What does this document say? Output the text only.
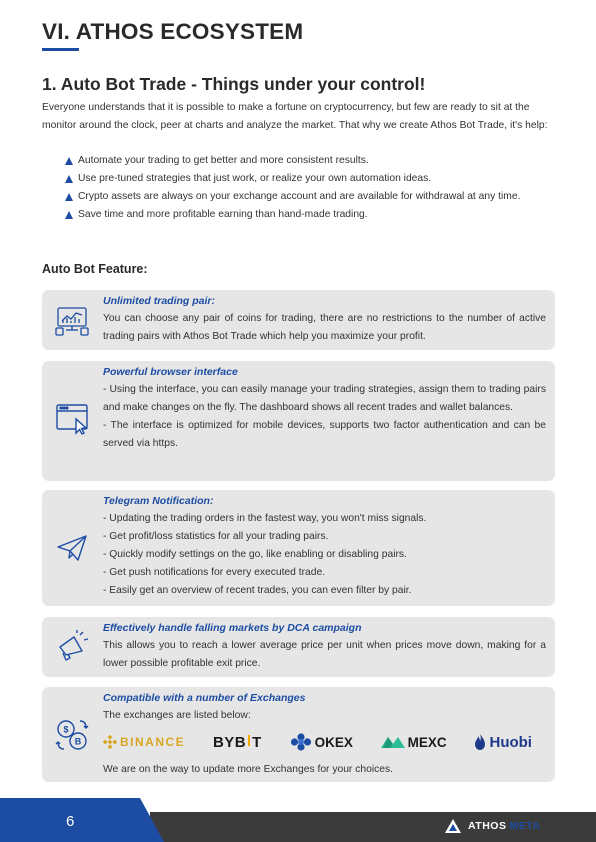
VI. ATHOS ECOSYSTEM
1. Auto Bot Trade - Things under your control!

Everyone understands that it is possible to make a fortune on cryptocurrency, but few are ready to sit at the monitor around the clock, peer at charts and analyze the market. That why we create Athos Bot Trade, it's help:

Automate your trading to get better and more consistent results.
Use pre-tuned strategies that just work, or realize your own automation ideas.
Crypto assets are always on your exchange account and are available for withdrawal at any time.
Save time and more profitable earning than hand-made trading.
Auto Bot Feature:
Unlimited trading pair:
You can choose any pair of coins for trading, there are no restrictions to the number of active trading pairs with Athos Bot Trade which help you maximize your profit.
Powerful browser interface
- Using the interface, you can easily manage your trading strategies, assign them to trading pairs and make changes on the fly. The dashboard shows all recent trades and wallet balances.
- The interface is optimized for mobile devices, supports two factor authentication and can be served via https.
Telegram Notification:
- Updating the trading orders in the fastest way, you won't miss signals.
- Get profit/loss statistics for all your trading pairs.
- Quickly modify settings on the go, like enabling or disabling pairs.
- Get push notifications for every executed trade.
- Easily get an overview of recent trades, you can even filter by pair.
Effectively handle falling markets by DCA campaign
This allows you to reach a lower average price per unit when prices move down, making for a lower possible profitable exit price.
$
B
Compatible with a number of Exchanges
The exchanges are listed below:
BINANCE BYB T	OKEX	MEXC	Huobi
We are on the way to update more Exchanges for your choices.
6	ATHOS META
